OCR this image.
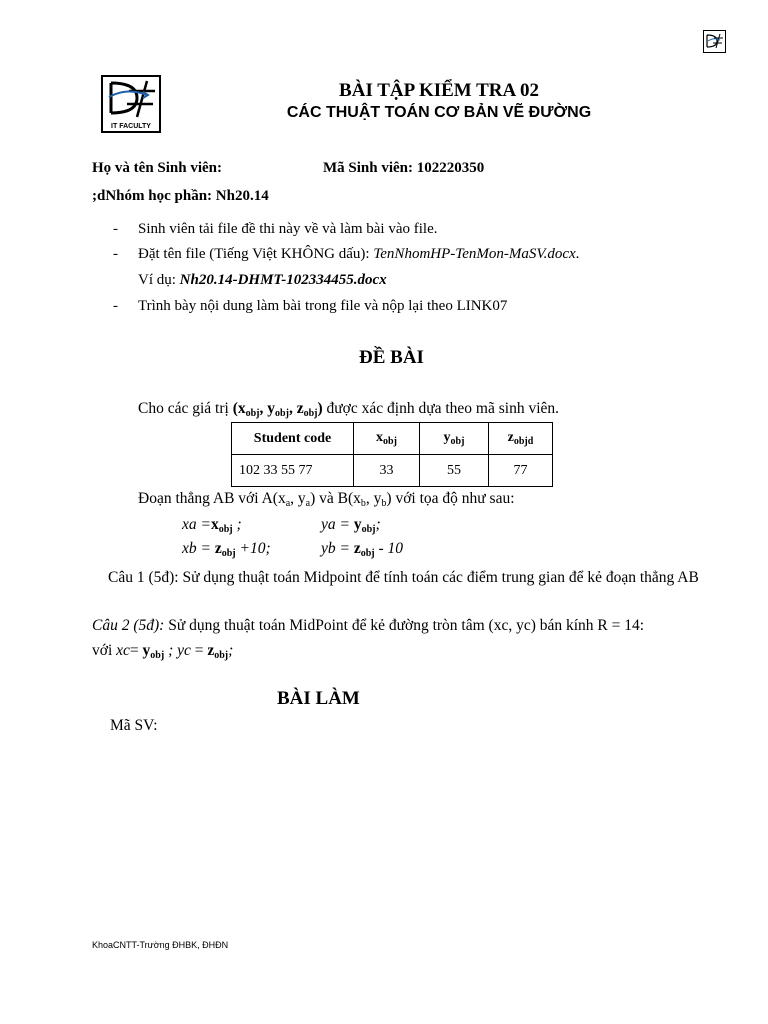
IT FACULTY
BÀI TẬP KIỂM TRA 02
CÁC THUẬT TOÁN CƠ BẢN VẼ ĐƯỜNG
Họ và tên Sinh viên:	Mã Sinh viên: 102220350
;dNhóm học phần: Nh20.14
- Sinh viên tải file đề thi này về và làm bài vào file.
- Đặt tên file (Tiếng Việt KHÔNG dấu): TenNhomHP-TenMon-MaSV.docx.
Ví dụ: Nh20.14-DHMT-102334455.docx
- Trình bày nội dung làm bài trong file và nộp lại theo LINK07
ĐỀ BÀI
Cho các giá trị ($x_{obj}$, $y_{obj}$, $z_{obj}$) được xác định dựa theo mã sinh viên.
Student code	$x_{obj}$	$y_{obj}$	$z_{objd}$
102 33 55 77	33	55	77
Đoạn thẳng AB với $A(x_a$, $y_a$) và $B(x_b$, $y_b$) với tọa độ như sau:
xa $=x_{obj}$ ;	ya = $y_{obj}$;
xb = $z_{obj} +10$;	yb = $z_{obj} - 10$
Câu 1 (5đ): Sử dụng thuật toán Midpoint để tính toán các điểm trung gian để kẻ đoạn thẳng AB
Câu 2 (5đ): Sử dụng thuật toán MidPoint để kẻ đường tròn tâm (xc, yc) bán kính R = 14:
với $xc= y_{obj}$ ; yc = $z_{obj}$;
BÀI LÀM
Mã SV:
KhoaCNTT-Trường ĐHBK, ĐHĐN
